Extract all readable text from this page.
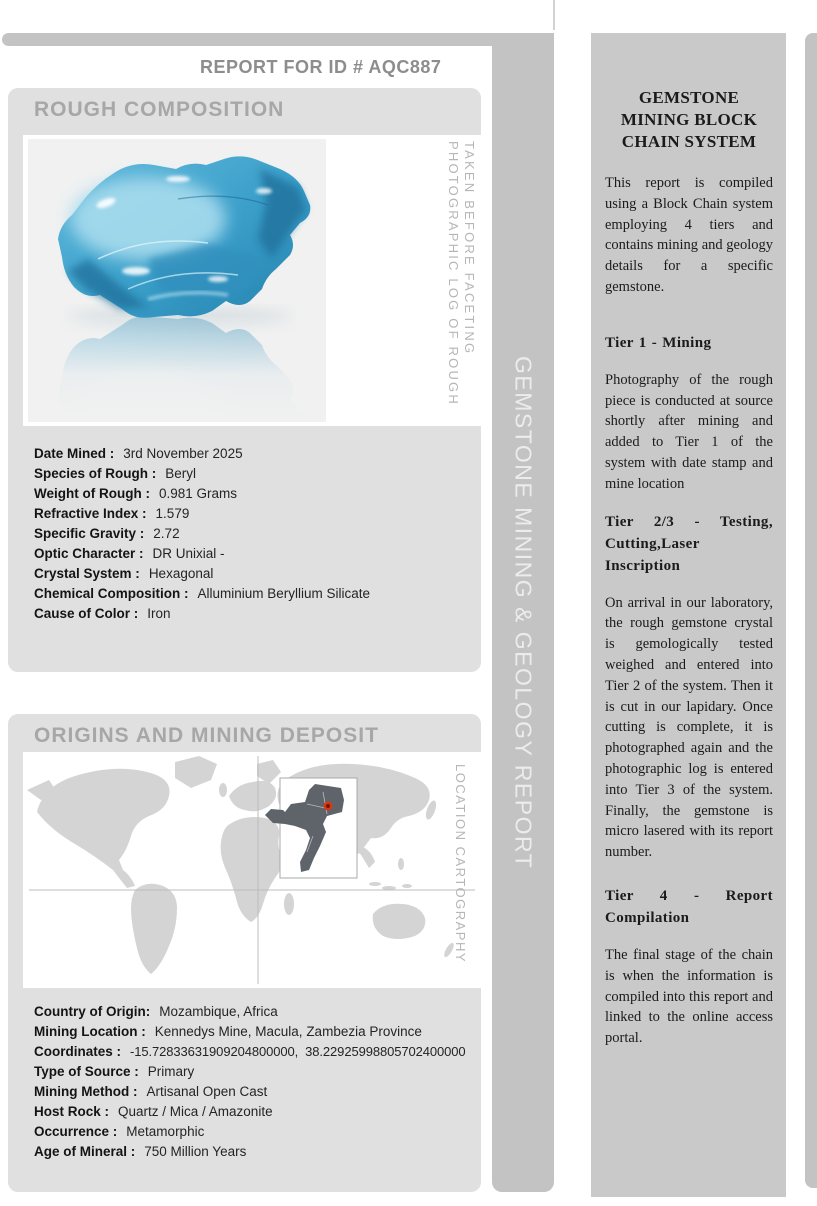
GEMSTONE MINING & GEOLOGY REPORT
REPORT FOR ID # AQC887
ROUGH COMPOSITION
PHOTOGRAPHIC LOG OF ROUGH TAKEN BEFORE FACETING
Date Mined : 3rd November 2025
Species of Rough : Beryl
Weight of Rough : 0.981 Grams
Refractive Index : 1.579
Specific Gravity : 2.72
Optic Character : DR Unixial -
Crystal System : Hexagonal
Chemical Composition : Alluminium Beryllium Silicate
Cause of Color : Iron
ORIGINS AND MINING DEPOSIT
LOCATION CARTOGRAPHY
Country of Origin: Mozambique, Africa
Mining Location : Kennedys Mine, Macula, Zambezia Province
Coordinates : -15.72833631909204800000,  38.22925998805702400000
Type of Source : Primary
Mining Method : Artisanal Open Cast
Host Rock : Quartz / Mica / Amazonite
Occurrence : Metamorphic
Age of Mineral : 750 Million Years
GEMSTONE MINING BLOCK CHAIN SYSTEM

This report is compiled using a Block Chain system employing 4 tiers and contains mining and geology details for a specific gemstone.

Tier 1 - Mining

Photography of the rough piece is conducted at source shortly after mining and added to Tier 1 of the system with date stamp and mine location

Tier 2/3 - Testing, Cutting,Laser Inscription

On arrival in our laboratory, the rough gemstone crystal is gemologically tested weighed and entered into Tier 2 of the system. Then it is cut in our lapidary. Once cutting is complete, it is photographed again and the photographic log is entered into Tier 3 of the system. Finally, the gemstone is micro lasered with its report number.

Tier 4 - Report Compilation

The final stage of the chain is when the information is compiled into this report and linked to the online access portal.
